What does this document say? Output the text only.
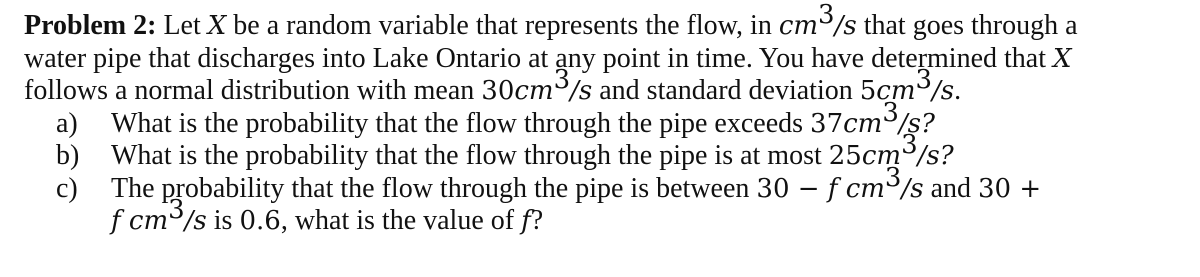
Problem 2: Let X be a random variable that represents the flow, in $cm^3/s$ that goes through a
water pipe that discharges into Lake Ontario at any point in time. You have determined that X
follows a normal distribution with mean $30cm^3/s$ and standard deviation $5cm^3/s$.
a) What is the probability that the flow through the pipe exceeds $37cm^3/s$?
b) What is the probability that the flow through the pipe is at most $25cm^3/s$?
c) The probability that the flow through the pipe is between 30 − f $cm^3/s$ and 30 +
f $cm^3/s$ is 0.6, what is the value of f?
